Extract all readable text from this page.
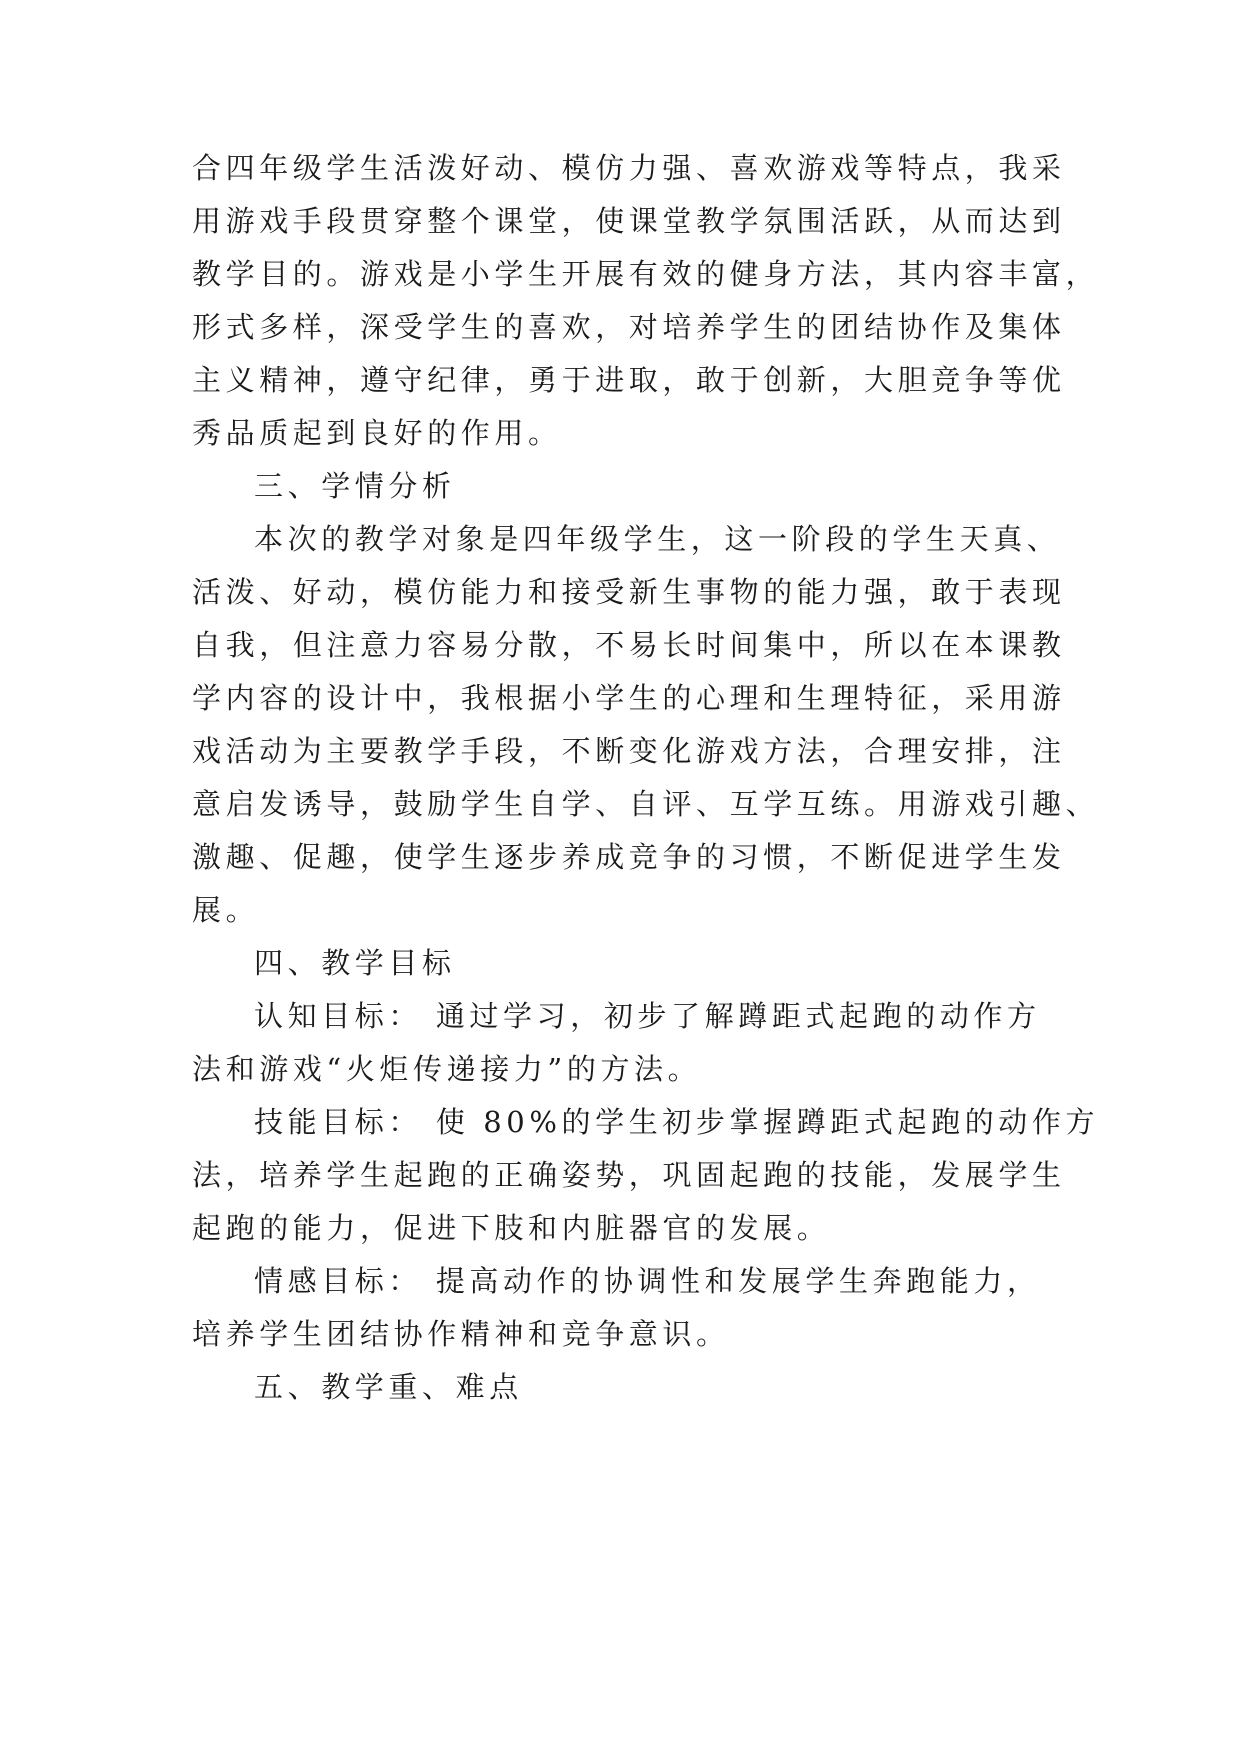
合四年级学生活泼好动、模仿力强、喜欢游戏等特点，我采
用游戏手段贯穿整个课堂，使课堂教学氛围活跃，从而达到
教学目的。游戏是小学生开展有效的健身方法，其内容丰富，
形式多样，深受学生的喜欢，对培养学生的团结协作及集体
主义精神，遵守纪律，勇于进取，敢于创新，大胆竞争等优
秀品质起到良好的作用。
三、学情分析
本次的教学对象是四年级学生，这一阶段的学生天真、
活泼、好动，模仿能力和接受新生事物的能力强，敢于表现
自我，但注意力容易分散，不易长时间集中，所以在本课教
学内容的设计中，我根据小学生的心理和生理特征，采用游
戏活动为主要教学手段，不断变化游戏方法，合理安排，注
意启发诱导，鼓励学生自学、自评、互学互练。用游戏引趣、
激趣、促趣，使学生逐步养成竞争的习惯，不断促进学生发
展。
四、教学目标
认知目标： 通过学习，初步了解蹲距式起跑的动作方
法和游戏“火炬传递接力”的方法。
技能目标： 使 80%的学生初步掌握蹲距式起跑的动作方
法，培养学生起跑的正确姿势，巩固起跑的技能，发展学生
起跑的能力，促进下肢和内脏器官的发展。
情感目标： 提高动作的协调性和发展学生奔跑能力，
培养学生团结协作精神和竞争意识。
五、教学重、难点
